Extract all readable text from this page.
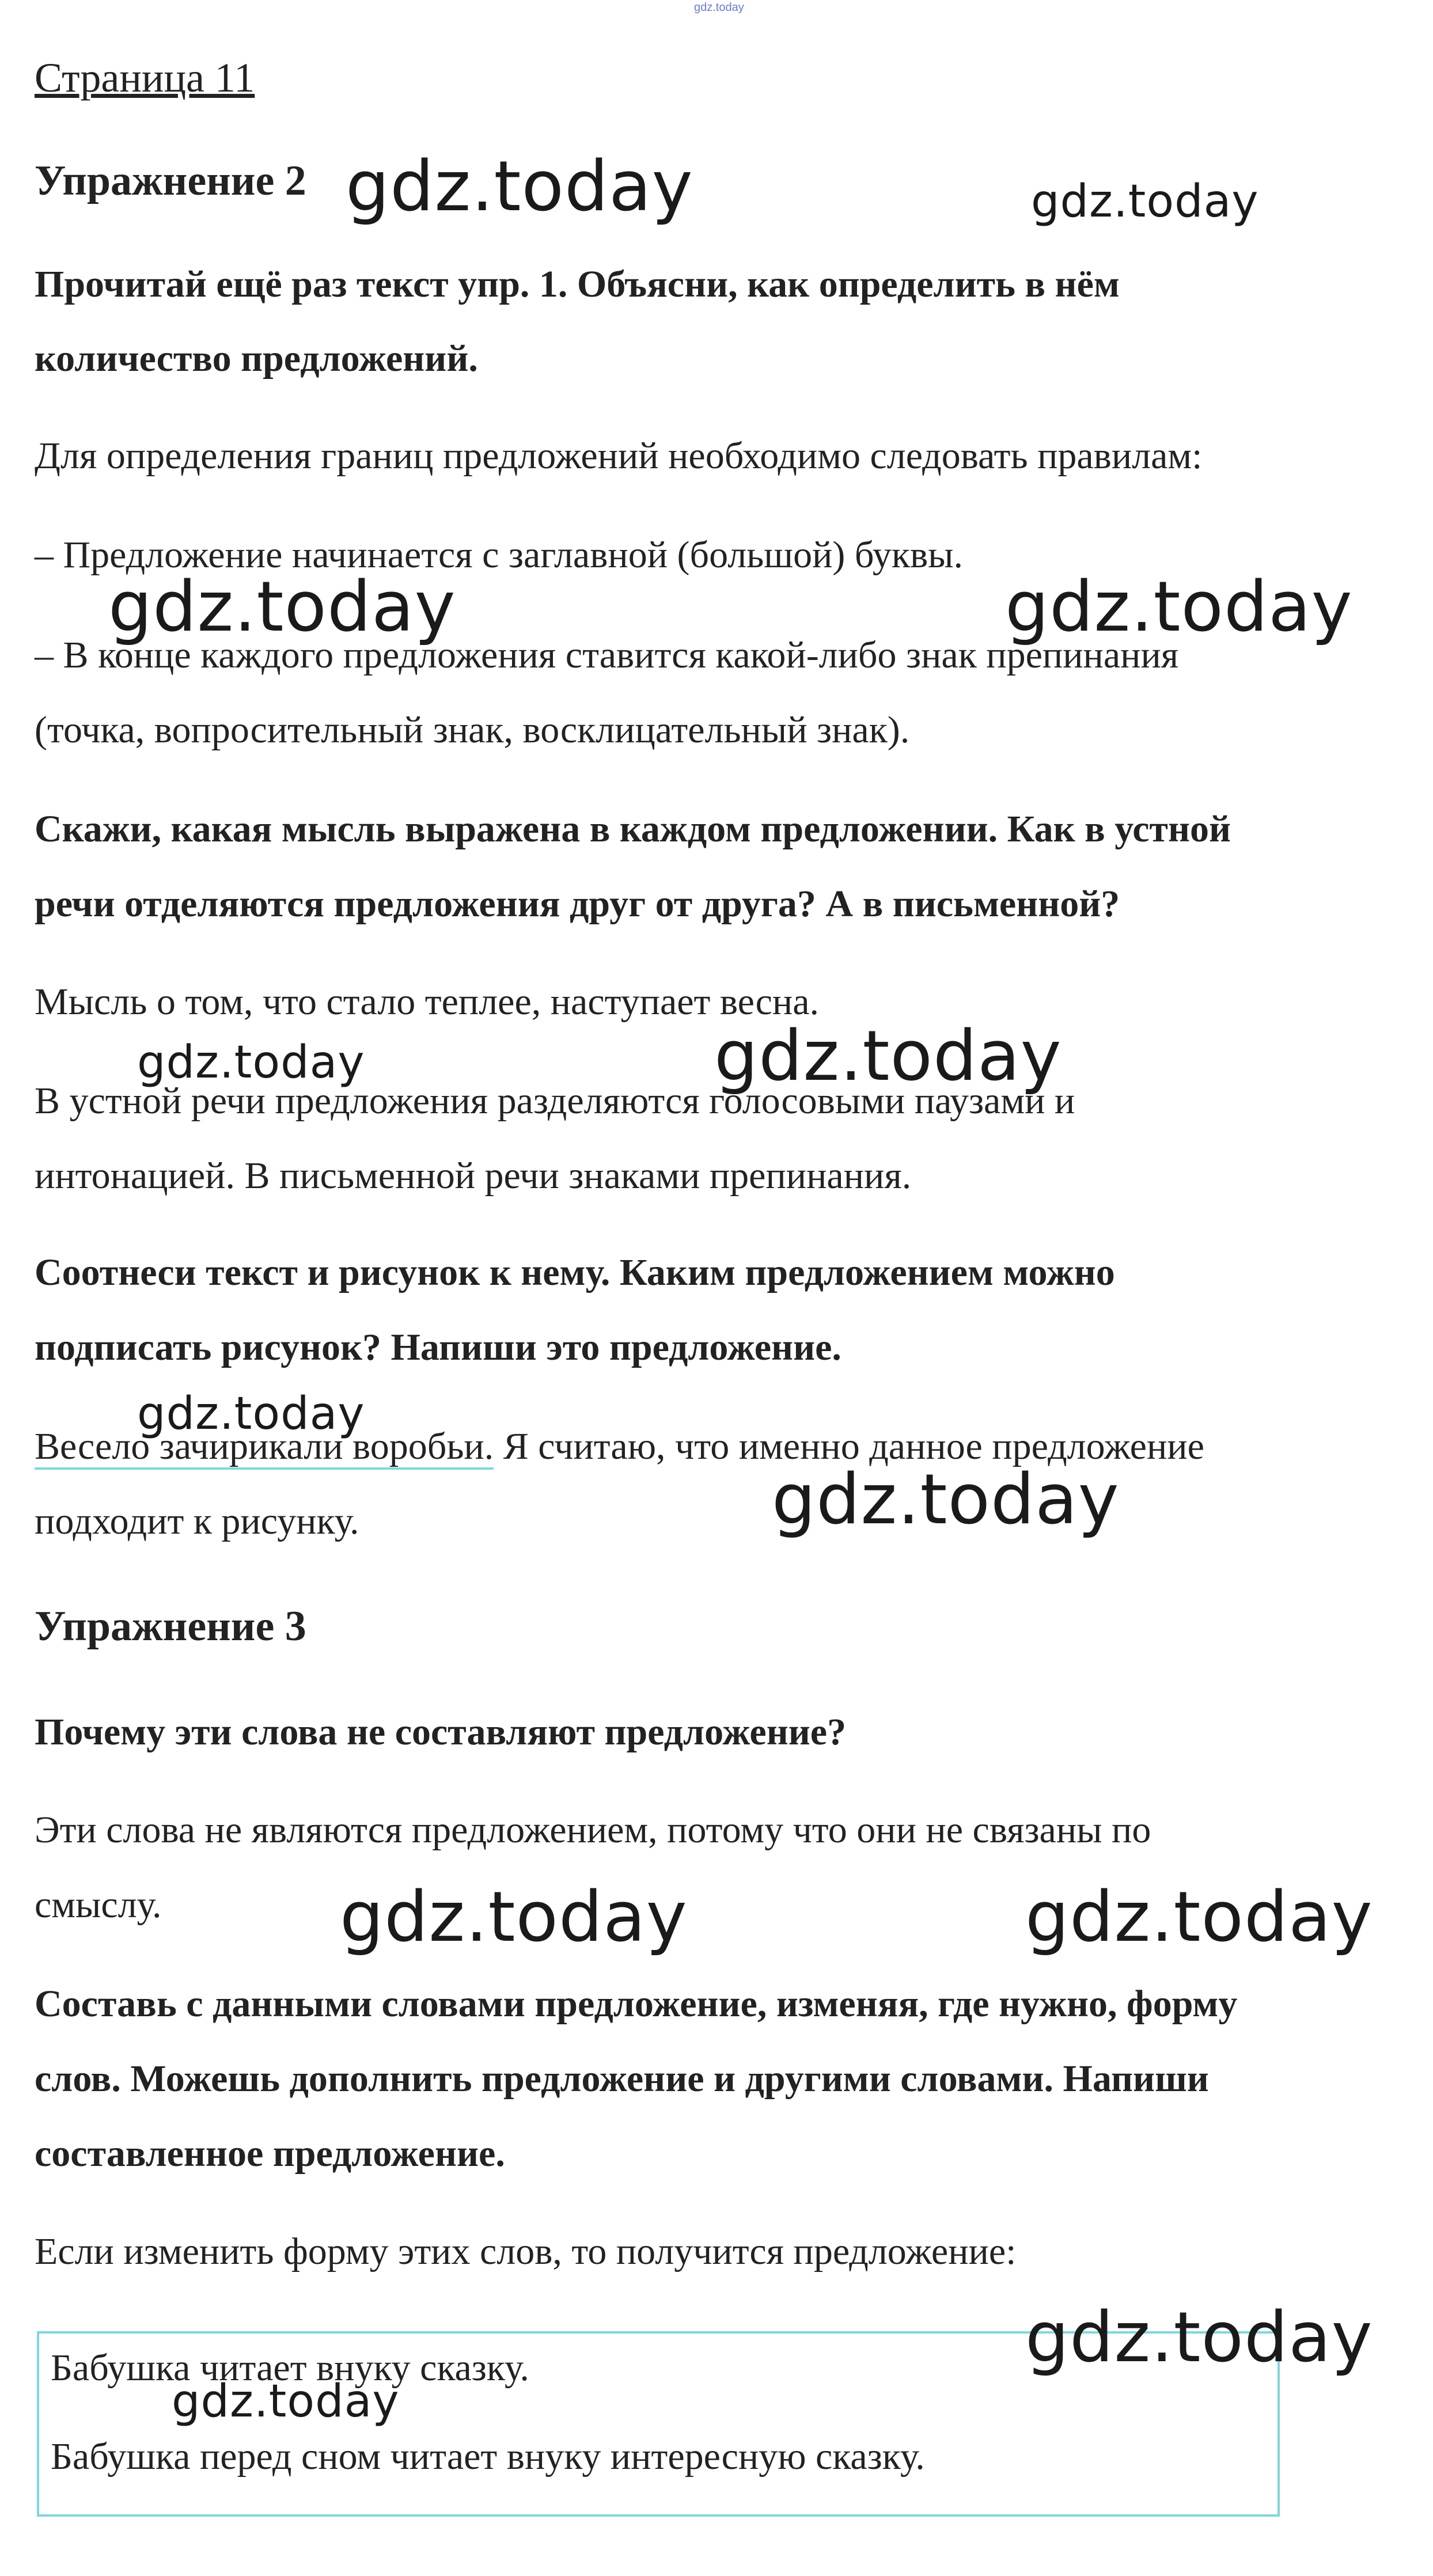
gdz.today

Страница 11

Упражнение 2

Прочитай ещё раз текст упр. 1. Объясни, как определить в нём

количество предложений.

Для определения границ предложений необходимо следовать правилам:

– Предложение начинается с заглавной (большой) буквы.

– В конце каждого предложения ставится какой-либо знак препинания

(точка, вопросительный знак, восклицательный знак).

Скажи, какая мысль выражена в каждом предложении. Как в устной

речи отделяются предложения друг от друга? А в письменной?

Мысль о том, что стало теплее, наступает весна.

В устной речи предложения разделяются голосовыми паузами и

интонацией. В письменной речи знаками препинания.

Соотнеси текст и рисунок к нему. Каким предложением можно

подписать рисунок? Напиши это предложение.

Весело зачирикали воробьи. Я считаю, что именно данное предложение

подходит к рисунку.

Упражнение 3

Почему эти слова не составляют предложение?

Эти слова не являются предложением, потому что они не связаны по

смыслу.

Составь с данными словами предложение, изменяя, где нужно, форму

слов. Можешь дополнить предложение и другими словами. Напиши

составленное предложение.

Если изменить форму этих слов, то получится предложение:

Бабушка читает внуку сказку.

Бабушка перед сном читает внуку интересную сказку.

gdz.today	gdz.today
gdz.today	gdz.today
gdz.today	gdz.today
gdz.today
gdz.today
gdz.today	gdz.today
gdz.today
gdz.today
